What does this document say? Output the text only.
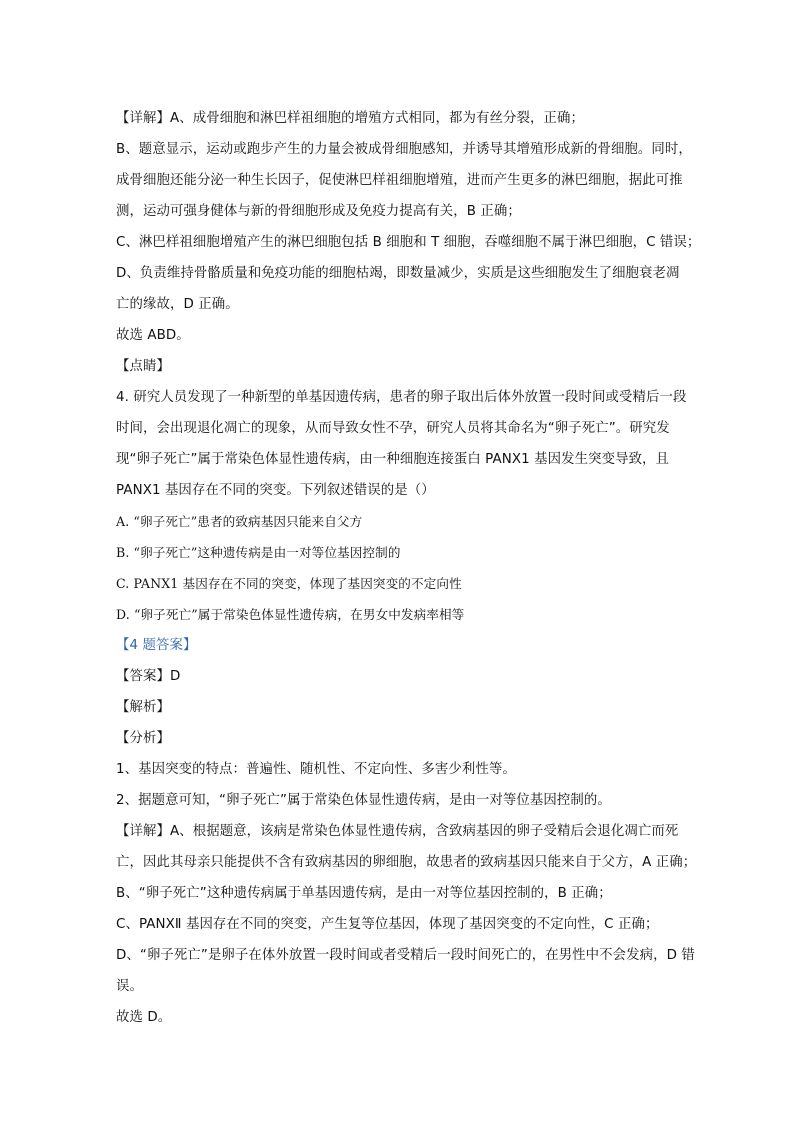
【详解】A、成骨细胞和淋巴样祖细胞的增殖方式相同，都为有丝分裂，正确；
B、题意显示，运动或跑步产生的力量会被成骨细胞感知，并诱导其增殖形成新的骨细胞。同时，
成骨细胞还能分泌一种生长因子，促使淋巴样祖细胞增殖，进而产生更多的淋巴细胞，据此可推
测，运动可强身健体与新的骨细胞形成及免疫力提高有关，B 正确；
C、淋巴样祖细胞增殖产生的淋巴细胞包括 B 细胞和 T 细胞，吞噬细胞不属于淋巴细胞，C 错误；
D、负责维持骨骼质量和免疫功能的细胞枯竭，即数量减少，实质是这些细胞发生了细胞衰老凋
亡的缘故，D 正确。
故选 ABD。
【点睛】
4. 研究人员发现了一种新型的单基因遗传病，患者的卵子取出后体外放置一段时间或受精后一段
时间，会出现退化凋亡的现象，从而导致女性不孕，研究人员将其命名为“卵子死亡”。研究发
现“卵子死亡”属于常染色体显性遗传病，由一种细胞连接蛋白 PANX1 基因发生突变导致，且
PANX1 基因存在不同的突变。下列叙述错误的是（）
A. “卵子死亡”患者的致病基因只能来自父方
B. “卵子死亡”这种遗传病是由一对等位基因控制的
C. PANX1 基因存在不同的突变，体现了基因突变的不定向性
D. “卵子死亡”属于常染色体显性遗传病，在男女中发病率相等
【4 题答案】
【答案】D
【解析】
【分析】
1、基因突变的特点：普遍性、随机性、不定向性、多害少利性等。
2、据题意可知，“卵子死亡”属于常染色体显性遗传病，是由一对等位基因控制的。
【详解】A、根据题意，该病是常染色体显性遗传病，含致病基因的卵子受精后会退化凋亡而死
亡，因此其母亲只能提供不含有致病基因的卵细胞，故患者的致病基因只能来自于父方，A 正确；
B、“卵子死亡”这种遗传病属于单基因遗传病，是由一对等位基因控制的，B 正确；
C、PANXⅡ 基因存在不同的突变，产生复等位基因，体现了基因突变的不定向性，C 正确；
D、“卵子死亡”是卵子在体外放置一段时间或者受精后一段时间死亡的，在男性中不会发病，D 错
误。
故选 D。
